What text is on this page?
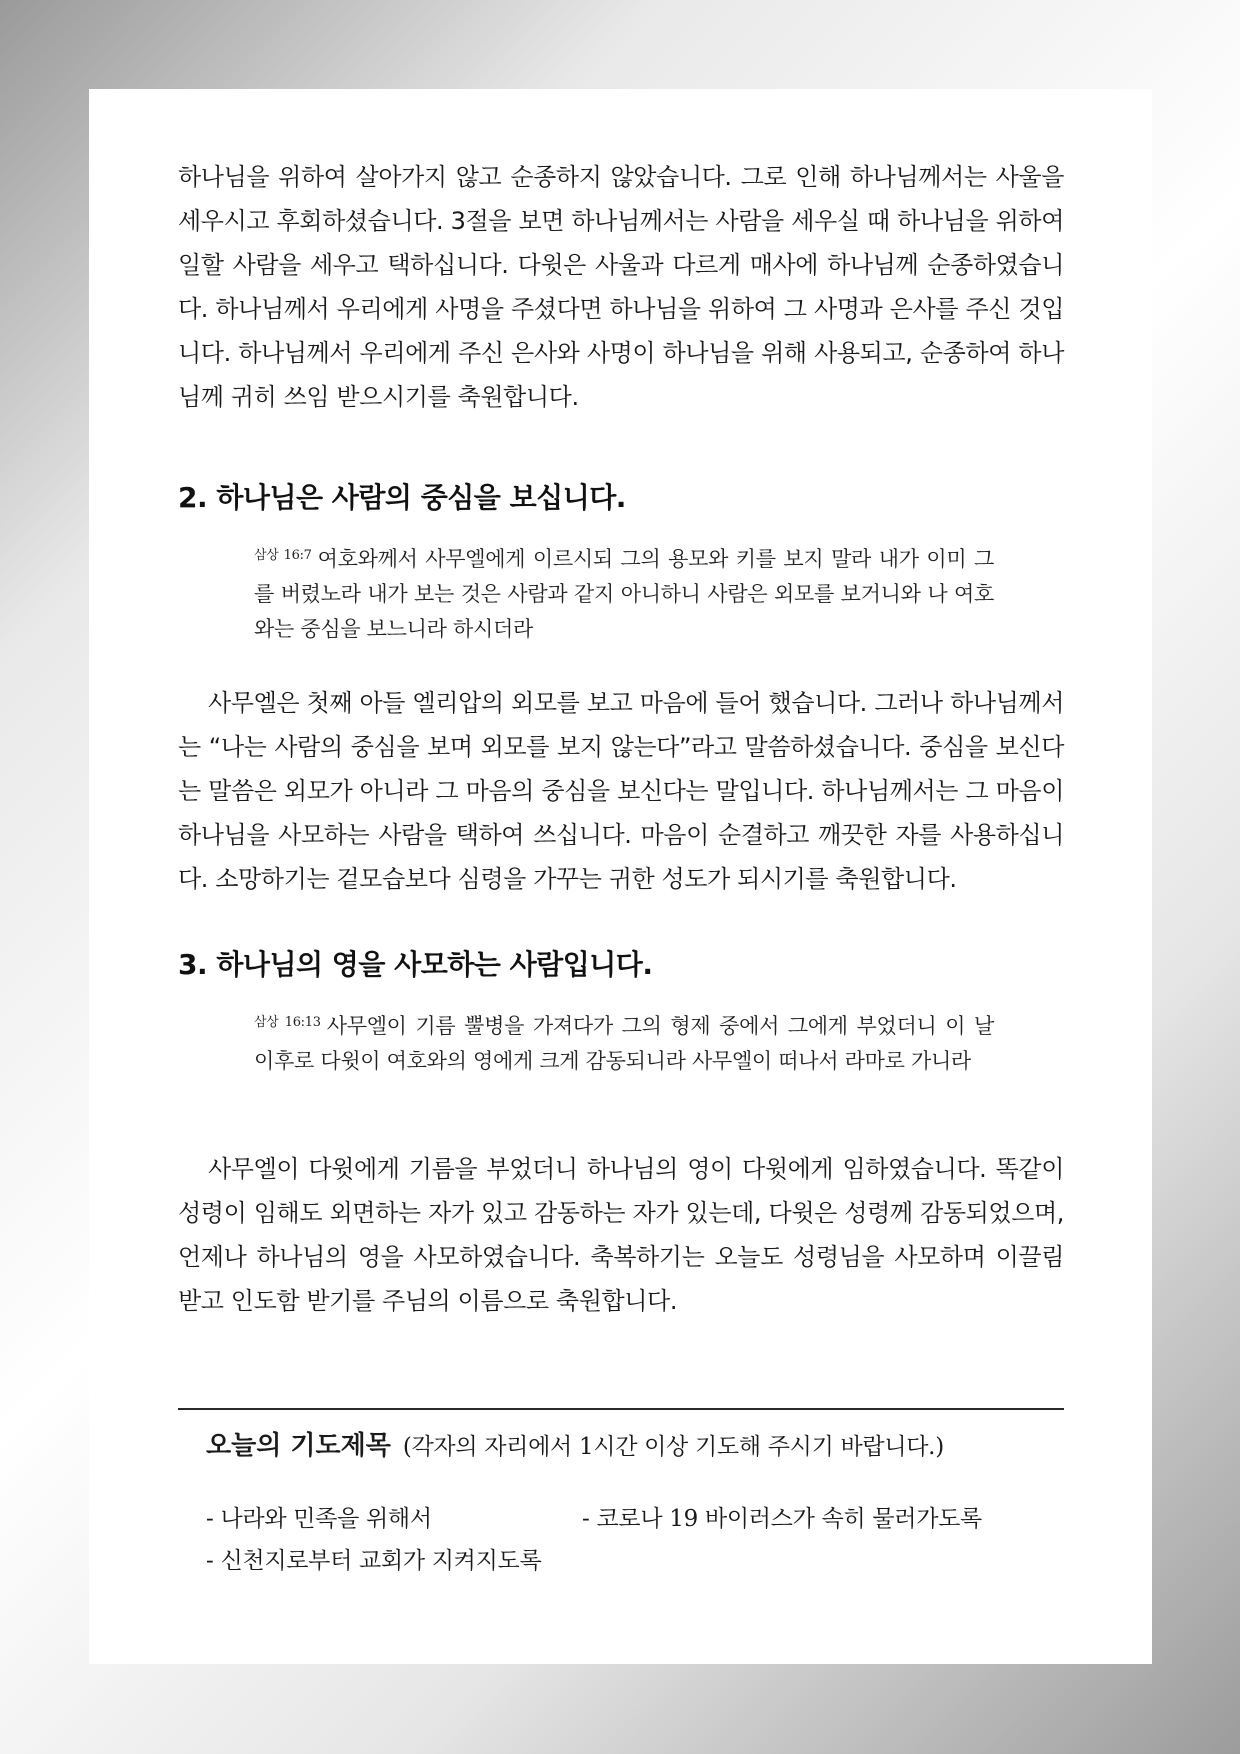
하나님을 위하여 살아가지 않고 순종하지 않았습니다. 그로 인해 하나님께서는 사울을 세우시고 후회하셨습니다. 3절을 보면 하나님께서는 사람을 세우실 때 하나님을 위하여 일할 사람을 세우고 택하십니다. 다윗은 사울과 다르게 매사에 하나님께 순종하였습니다. 하나님께서 우리에게 사명을 주셨다면 하나님을 위하여 그 사명과 은사를 주신 것입니다. 하나님께서 우리에게 주신 은사와 사명이 하나님을 위해 사용되고, 순종하여 하나님께 귀히 쓰임 받으시기를 축원합니다.

2. 하나님은 사람의 중심을 보십니다.

$^{삼상 16:7}$ 여호와께서 사무엘에게 이르시되 그의 용모와 키를 보지 말라 내가 이미 그를 버렸노라 내가 보는 것은 사람과 같지 아니하니 사람은 외모를 보거니와 나 여호와는 중심을 보느니라 하시더라

사무엘은 첫째 아들 엘리압의 외모를 보고 마음에 들어 했습니다. 그러나 하나님께서는 “나는 사람의 중심을 보며 외모를 보지 않는다”라고 말씀하셨습니다. 중심을 보신다는 말씀은 외모가 아니라 그 마음의 중심을 보신다는 말입니다. 하나님께서는 그 마음이 하나님을 사모하는 사람을 택하여 쓰십니다. 마음이 순결하고 깨끗한 자를 사용하십니다. 소망하기는 겉모습보다 심령을 가꾸는 귀한 성도가 되시기를 축원합니다.

3. 하나님의 영을 사모하는 사람입니다.

$^{삼상 16:13}$ 사무엘이 기름 뿔병을 가져다가 그의 형제 중에서 그에게 부었더니 이 날 이후로 다윗이 여호와의 영에게 크게 감동되니라 사무엘이 떠나서 라마로 가니라

사무엘이 다윗에게 기름을 부었더니 하나님의 영이 다윗에게 임하였습니다. 똑같이 성령이 임해도 외면하는 자가 있고 감동하는 자가 있는데, 다윗은 성령께 감동되었으며, 언제나 하나님의 영을 사모하였습니다. 축복하기는 오늘도 성령님을 사모하며 이끌림 받고 인도함 받기를 주님의 이름으로 축원합니다.

오늘의 기도제목 (각자의 자리에서 1시간 이상 기도해 주시기 바랍니다.)
- 나라와 민족을 위해서	- 코로나 19 바이러스가 속히 물러가도록
- 신천지로부터 교회가 지켜지도록
